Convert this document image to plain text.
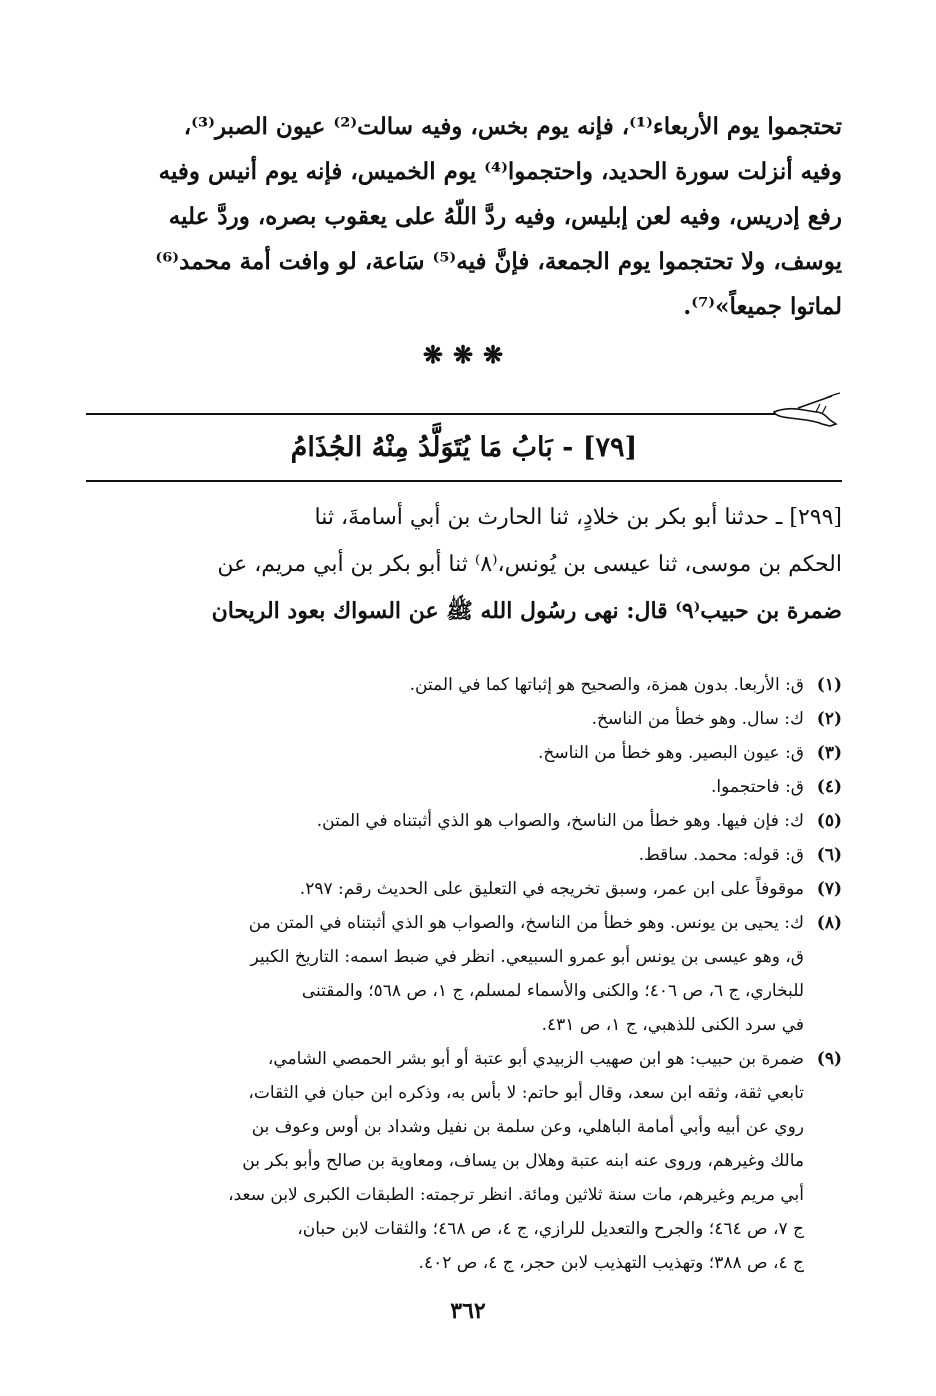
تحتجموا يوم الأربعاء⁽¹⁾، فإنه يوم بخس، وفيه سالت⁽²⁾ عيون الصبر⁽³⁾،
وفيه أنزلت سورة الحديد، واحتجموا⁽⁴⁾ يوم الخميس، فإنه يوم أنيس وفيه
رفع إدريس، وفيه لعن إبليس، وفيه ردَّ اللّهُ على يعقوب بصره، وردَّ عليه
يوسف، ولا تحتجموا يوم الجمعة، فإنَّ فيه⁽⁵⁾ سَاعة، لو وافت أمة محمد⁽⁶⁾
لماتوا جميعاً»⁽⁷⁾.
❋❋❋
[٧٩] - بَابُ مَا يُتَوَلَّدُ مِنْهُ الجُذَامُ
[٢٩٩] ـ حدثنا أبو بكر بن خلادٍ، ثنا الحارث بن أبي أسامةَ، ثنا
الحكم بن موسى، ثنا عيسى بن يُونس،⁽٨⁾ ثنا أبو بكر بن أبي مريم، عن
ضمرة بن حبيب⁽٩⁾ قال: نهى رسُول الله ﷺ عن السواك بعود الريحان
(١)
ق: الأربعا. بدون همزة، والصحيح هو إثباتها كما في المتن.
(٢)
ك: سال. وهو خطأ من الناسخ.
(٣)
ق: عيون البصير. وهو خطأ من الناسخ.
(٤)
ق: فاحتجموا.
(٥)
ك: فإن فيها. وهو خطأ من الناسخ، والصواب هو الذي أثبتناه في المتن.
(٦)
ق: قوله: محمد. ساقط.
(٧)
موقوفاً على ابن عمر، وسبق تخريجه في التعليق على الحديث رقم: ٢٩٧.
(٨)
ك: يحيى بن يونس. وهو خطأ من الناسخ، والصواب هو الذي أثبتناه في المتن من
ق، وهو عيسى بن يونس أبو عمرو السبيعي. انظر في ضبط اسمه: التاريخ الكبير
للبخاري، ج ٦، ص ٤٠٦؛ والكنى والأسماء لمسلم، ج ١، ص ٥٦٨؛ والمقتنى
في سرد الكنى للذهبي، ج ١، ص ٤٣١.
(٩)
ضمرة بن حبيب: هو ابن صهيب الزبيدي أبو عتبة أو أبو بشر الحمصي الشامي،
تابعي ثقة، وثقه ابن سعد، وقال أبو حاتم: لا بأس به، وذكره ابن حبان في الثقات،
روي عن أبيه وأبي أمامة الباهلي، وعن سلمة بن نفيل وشداد بن أوس وعوف بن
مالك وغيرهم، وروى عنه ابنه عتبة وهلال بن يساف، ومعاوية بن صالح وأبو بكر بن
أبي مريم وغيرهم، مات سنة ثلاثين ومائة. انظر ترجمته: الطبقات الكبرى لابن سعد،
ج ٧، ص ٤٦٤؛ والجرح والتعديل للرازي، ج ٤، ص ٤٦٨؛ والثقات لابن حبان،
ج ٤، ص ٣٨٨؛ وتهذيب التهذيب لابن حجر، ج ٤، ص ٤٠٢.
٣٦٢
